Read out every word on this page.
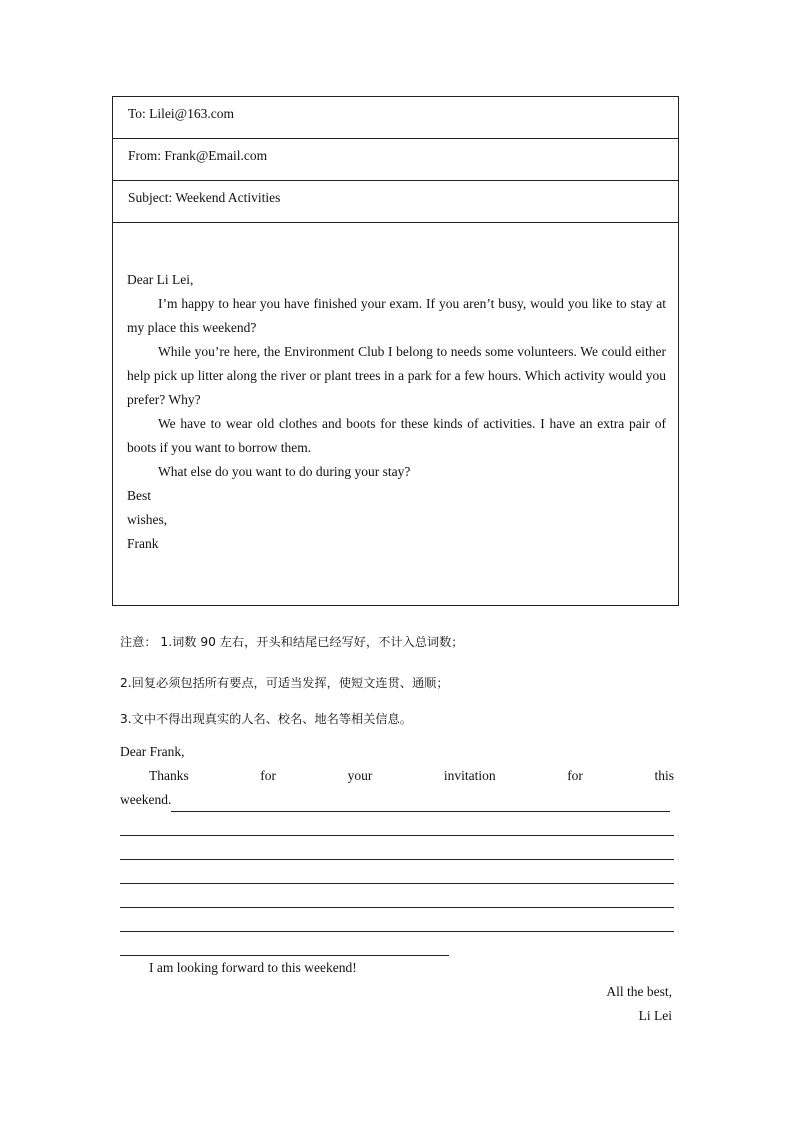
To: Lilei@163.com
From: Frank@Email.com
Subject: Weekend Activities

Dear Li Lei,

I’m happy to hear you have finished your exam. If you aren’t busy, would you like to stay at my place this weekend?

While you’re here, the Environment Club I belong to needs some volunteers. We could either help pick up litter along the river or plant trees in a park for a few hours. Which activity would you prefer? Why?

We have to wear old clothes and boots for these kinds of activities. I have an extra pair of boots if you want to borrow them.

What else do you want to do during your stay?

Best

wishes,

Frank

注意： 1.词数 90 左右，开头和结尾已经写好，不计入总词数；
2.回复必须包括所有要点，可适当发挥，使短文连贯、通顺；
3.文中不得出现真实的人名、校名、地名等相关信息。

Dear Frank,

Thanks	for	your	invitation	for	this
weekend.

I am looking forward to this weekend!

All the best,

Li Lei
